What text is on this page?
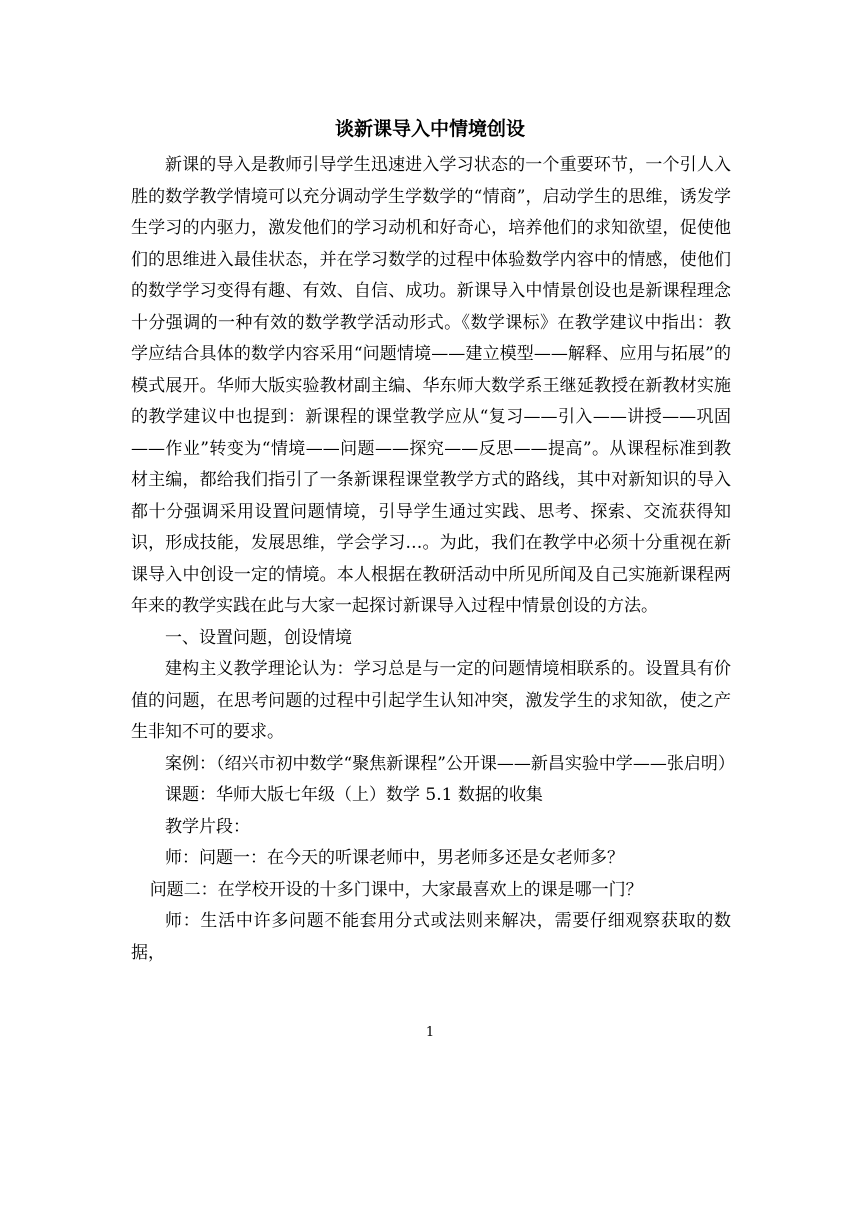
谈新课导入中情境创设

新课的导入是教师引导学生迅速进入学习状态的一个重要环节，一个引人入胜的数学教学情境可以充分调动学生学数学的“情商”，启动学生的思维，诱发学生学习的内驱力，激发他们的学习动机和好奇心，培养他们的求知欲望，促使他们的思维进入最佳状态，并在学习数学的过程中体验数学内容中的情感，使他们的数学学习变得有趣、有效、自信、成功。新课导入中情景创设也是新课程理念十分强调的一种有效的数学教学活动形式。《数学课标》在教学建议中指出：教学应结合具体的数学内容采用“问题情境——建立模型——解释、应用与拓展”的模式展开。华师大版实验教材副主编、华东师大数学系王继延教授在新教材实施的教学建议中也提到：新课程的课堂教学应从“复习——引入——讲授——巩固——作业”转变为“情境——问题——探究——反思——提高”。从课程标准到教材主编，都给我们指引了一条新课程课堂教学方式的路线，其中对新知识的导入都十分强调采用设置问题情境，引导学生通过实践、思考、探索、交流获得知识，形成技能，发展思维，学会学习…。为此，我们在教学中必须十分重视在新课导入中创设一定的情境。本人根据在教研活动中所见所闻及自己实施新课程两年来的教学实践在此与大家一起探讨新课导入过程中情景创设的方法。

一、设置问题，创设情境

建构主义教学理论认为：学习总是与一定的问题情境相联系的。设置具有价值的问题，在思考问题的过程中引起学生认知冲突，激发学生的求知欲，使之产生非知不可的要求。

案例：（绍兴市初中数学“聚焦新课程”公开课——新昌实验中学——张启明）

课题：华师大版七年级（上）数学 5.1 数据的收集

教学片段：

师：问题一：在今天的听课老师中，男老师多还是女老师多？

问题二：在学校开设的十多门课中，大家最喜欢上的课是哪一门？

师：生活中许多问题不能套用分式或法则来解决，需要仔细观察获取的数据，

1
